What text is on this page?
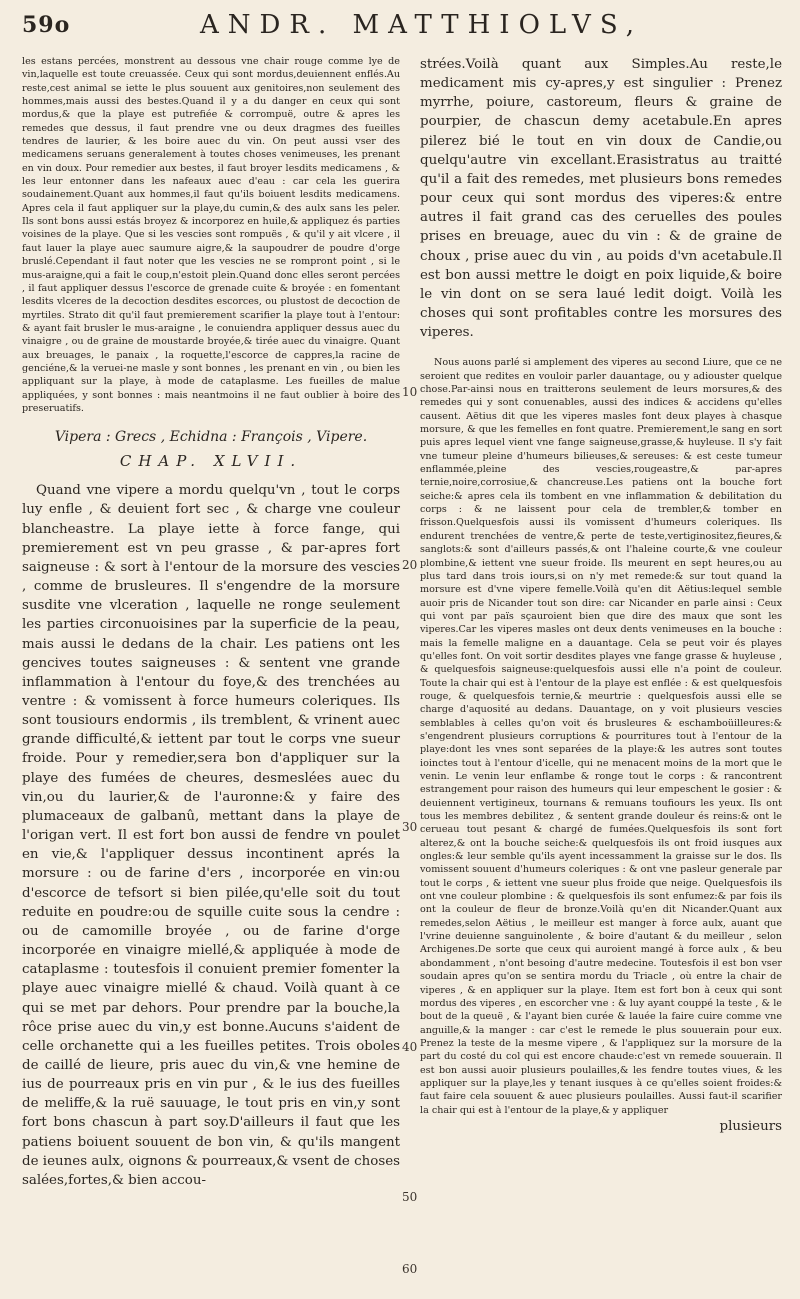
59o	ANDR. MATTHIOLVS,

les estans percées, monstrent au dessous vne chair rouge comme lye de vin,laquelle est toute creuassée. Ceux qui sont mordus,deuiennent enflés.Au reste,cest animal se iette le plus souuent aux genitoires,non seulement des hommes,mais aussi des bestes.Quand il y a du danger en ceux qui sont mordus,& que la playe est putrefiée & corrompuë, outre & apres les remedes que dessus, il faut prendre vne ou deux dragmes des fueilles tendres de laurier, & les boire auec du vin. On peut aussi vser des medicamens seruans generalement à toutes choses venimeuses, les prenant en vin doux. Pour remedier aux bestes, il faut broyer lesdits medicamens , & les leur entonner dans les nafeaux auec d'eau : car cela les guerira soudainement.Quant aux hommes,il faut qu'ils boiuent lesdits medicamens. Apres cela il faut appliquer sur la playe,du cumin,& des aulx sans les peler. Ils sont bons aussi estás broyez & incorporez en huile,& appliquez és parties voisines de la playe. Que si les vescies sont rompuës , & qu'il y ait vlcere , il faut lauer la playe auec saumure aigre,& la saupoudrer de poudre d'orge bruslé.Cependant il faut noter que les vescies ne se rompront point , si le mus-araigne,qui a fait le coup,n'estoit plein.Quand donc elles seront percées , il faut appliquer dessus l'escorce de grenade cuite & broyée : en fomentant lesdits vlceres de la decoction desdites escorces, ou plustost de decoction de myrtiles. Strato dit qu'il faut premierement scarifier la playe tout à l'entour: & ayant fait brusler le mus-araigne , le conuiendra appliquer dessus auec du vinaigre , ou de graine de moustarde broyée,& tirée auec du vinaigre. Quant aux breuages, le panaix , la roquette,l'escorce de cappres,la racine de genciéne,& la veruei-ne masle y sont bonnes , les prenant en vin , ou bien les appliquant sur la playe, à mode de cataplasme. Les fueilles de malue appliquées, y sont bonnes : mais neantmoins il ne faut oublier à boire des preseruatifs.

Vipera : Grecs , Echidna : François , Vipere.
CHAP. XLVII.

Quand vne vipere a mordu quelqu'vn , tout le corps luy enfle , & deuient fort sec , & charge vne couleur blancheastre. La playe iette à force fange, qui premierement est vn peu grasse , & par-apres fort saigneuse : & sort à l'entour de la morsure des vescies , comme de brusleures. Il s'engendre de la morsure susdite vne vlceration , laquelle ne ronge seulement les parties circonuoisines par la superficie de la peau, mais aussi le dedans de la chair. Les patiens ont les gencives toutes saigneuses : & sentent vne grande inflammation à l'entour du foye,& des trenchées au ventre : & vomissent à force humeurs coleriques. Ils sont tousiours endormis , ils tremblent, & vrinent auec grande difficulté,& iettent par tout le corps vne sueur froide. Pour y remedier,sera bon d'appliquer sur la playe des fumées de cheures, desmeslées auec du vin,ou du laurier,& de l'auronne:& y faire des plumaceaux de galbanû, mettant dans la playe de l'origan vert. Il est fort bon aussi de fendre vn poulet en vie,& l'appliquer dessus incontinent aprés la morsure : ou de farine d'ers , incorporée en vin:ou d'escorce de tefsort si bien pilée,qu'elle soit du tout reduite en poudre:ou de squille cuite sous la cendre : ou de camomille broyée , ou de farine d'orge incorporée en vinaigre miellé,& appliquée à mode de cataplasme : toutesfois il conuient premier fomenter la playe auec vinaigre miellé & chaud. Voilà quant à ce qui se met par dehors. Pour prendre par la bouche,la rôce prise auec du vin,y est bonne.Aucuns s'aident de celle orchanette qui a les fueilles petites. Trois oboles de caillé de lieure, pris auec du vin,& vne hemine de ius de pourreaux pris en vin pur , & le ius des fueilles de meliffe,& la ruë sauuage, le tout pris en vin,y sont fort bons chascun à part soy.D'ailleurs il faut que les patiens boiuent souuent de bon vin, & qu'ils mangent de ieunes aulx, oignons & pourreaux,& vsent de choses salées,fortes,& bien accou-

10
20
30
40
50
60

strées.Voilà quant aux Simples.Au reste,le medicament mis cy-apres,y est singulier : Prenez myrrhe, poiure, castoreum, fleurs & graine de pourpier, de chascun demy acetabule.En apres pilerez bié le tout en vin doux de Candie,ou quelqu'autre vin excellant.Erasistratus au traitté qu'il a fait des remedes, met plusieurs bons remedes pour ceux qui sont mordus des viperes:& entre autres il fait grand cas des ceruelles des poules prises en breuage, auec du vin : & de graine de choux , prise auec du vin , au poids d'vn acetabule.Il est bon aussi mettre le doigt en poix liquide,& boire le vin dont on se sera laué ledit doigt. Voilà les choses qui sont profitables contre les morsures des viperes.

Nous auons parlé si amplement des viperes au second Liure, que ce ne seroient que redites en vouloir parler dauantage, ou y adiouster quelque chose.Par-ainsi nous en traitterons seulement de leurs morsures,& des remedes qui y sont conuenables, aussi des indices & accidens qu'elles causent. Aëtius dit que les viperes masles font deux playes à chasque morsure, & que les femelles en font quatre. Premierement,le sang en sort puis apres lequel vient vne fange saigneuse,grasse,& huyleuse. Il s'y fait vne tumeur pleine d'humeurs bilieuses,& sereuses: & est ceste tumeur enflammée,pleine des vescies,rougeastre,& par-apres ternie,noire,corrosiue,& chancreuse.Les patiens ont la bouche fort seiche:& apres cela ils tombent en vne inflammation & debilitation du corps : & ne laissent pour cela de trembler,& tomber en frisson.Quelquesfois aussi ils vomissent d'humeurs coleriques. Ils endurent trenchées de ventre,& perte de teste,vertiginositez,fieures,& sanglots:& sont d'ailleurs passés,& ont l'haleine courte,& vne couleur plombine,& iettent vne sueur froide. Ils meurent en sept heures,ou au plus tard dans trois iours,si on n'y met remede:& sur tout quand la morsure est d'vne vipere femelle.Voilà qu'en dit Aëtius:lequel semble auoir pris de Nicander tout son dire: car Nicander en parle ainsi : Ceux qui vont par païs sçauroient bien que dire des maux que sont les viperes.Car les viperes masles ont deux dents venimeuses en la bouche : mais la femelle maligne en a dauantage. Cela se peut voir és playes qu'elles font. On voit sortir desdites playes vne fange grasse & huyleuse , & quelquesfois saigneuse:quelquesfois aussi elle n'a point de couleur. Toute la chair qui est à l'entour de la playe est enflée : & est quelquesfois rouge, & quelquesfois ternie,& meurtrie : quelquesfois aussi elle se charge d'aquosité au dedans. Dauantage, on y voit plusieurs vescies semblables à celles qu'on voit és brusleures & eschamboüilleures:& s'engendrent plusieurs corruptions & pourritures tout à l'entour de la playe:dont les vnes sont separées de la playe:& les autres sont toutes ioinctes tout à l'entour d'icelle, qui ne menacent moins de la mort que le venin. Le venin leur enflambe & ronge tout le corps : & rancontrent estrangement pour raison des humeurs qui leur empeschent le gosier : & deuiennent vertigineux, tournans & remuans toufiours les yeux. Ils ont tous les membres debilitez , & sentent grande douleur és reins:& ont le cerueau tout pesant & chargé de fumées.Quelquesfois ils sont fort alterez,& ont la bouche seiche:& quelquesfois ils ont froid iusques aux ongles:& leur semble qu'ils ayent incessamment la graisse sur le dos. Ils vomissent souuent d'humeurs coleriques : & ont vne pasleur generale par tout le corps , & iettent vne sueur plus froide que neige. Quelquesfois ils ont vne couleur plombine : & quelquesfois ils sont enfumez:& par fois ils ont la couleur de fleur de bronze.Voilà qu'en dit Nicander.Quant aux remedes,selon Aëtius , le meilleur est manger à force aulx, auant que l'vrine deuienne sanguinolente , & boire d'autant & du meilleur , selon Archigenes.De sorte que ceux qui auroient mangé à force aulx , & beu abondamment , n'ont besoing d'autre medecine. Toutesfois il est bon vser soudain apres qu'on se sentira mordu du Triacle , où entre la chair de viperes , & en appliquer sur la playe. Item est fort bon à ceux qui sont mordus des viperes , en escorcher vne : & luy ayant couppé la teste , & le bout de la queuë , & l'ayant bien curée & lauée la faire cuire comme vne anguille,& la manger : car c'est le remede le plus souuerain pour eux. Prenez la teste de la mesme vipere , & l'appliquez sur la morsure de la part du costé du col qui est encore chaude:c'est vn remede souuerain. Il est bon aussi auoir plusieurs poulailles,& les fendre toutes viues, & les appliquer sur la playe,les y tenant iusques à ce qu'elles soient froides:& faut faire cela souuent & auec plusieurs poulailles. Aussi faut-il scarifier la chair qui est à l'entour de la playe,& y appliquer

plusieurs
